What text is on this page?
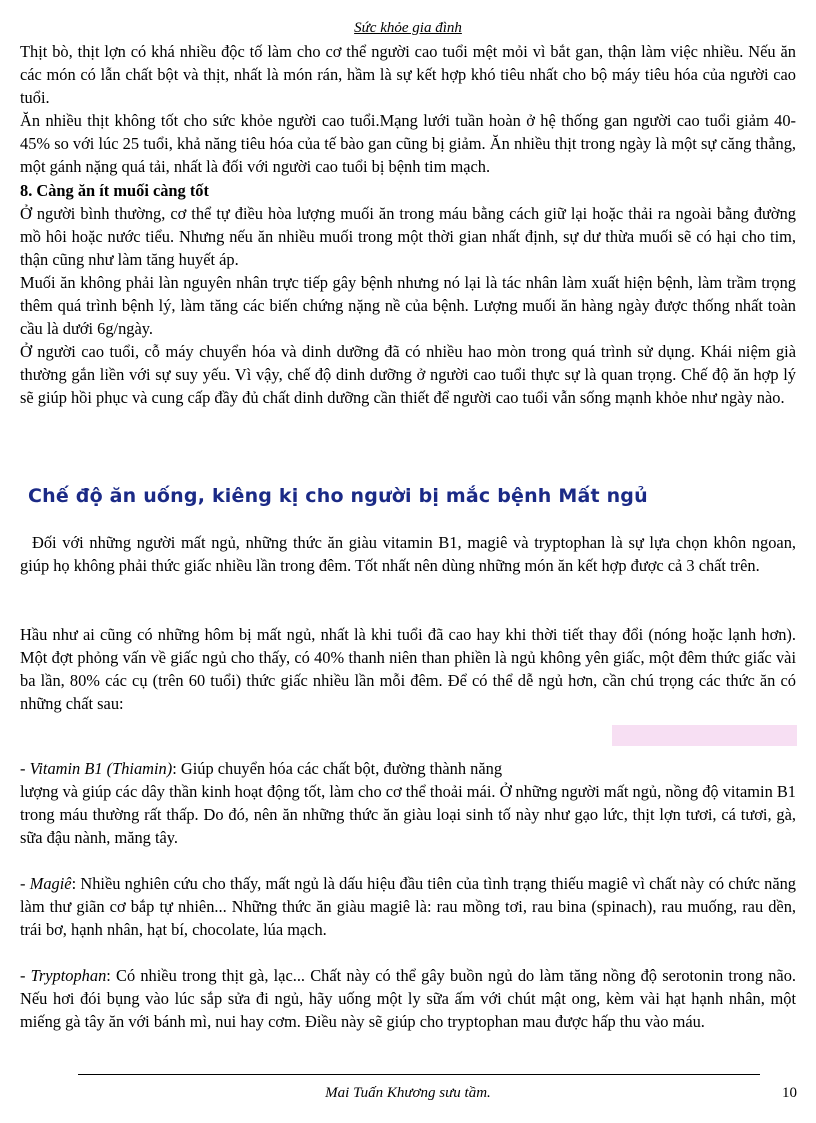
Sức khỏe gia đình

Thịt bò, thịt lợn có khá nhiều độc tố làm cho cơ thể người cao tuổi mệt mỏi vì bắt gan, thận làm việc nhiều. Nếu ăn các món có lẫn chất bột và thịt, nhất là món rán, hầm là sự kết hợp khó tiêu nhất cho bộ máy tiêu hóa của người cao tuổi.

Ăn nhiều thịt không tốt cho sức khỏe người cao tuổi.Mạng lưới tuần hoàn ở hệ thống gan người cao tuổi giảm 40-45% so với lúc 25 tuổi, khả năng tiêu hóa của tế bào gan cũng bị giảm. Ăn nhiều thịt trong ngày là một sự căng thẳng, một gánh nặng quá tải, nhất là đối với người cao tuổi bị bệnh tim mạch.

8. Càng ăn ít muối càng tốt

Ở người bình thường, cơ thể tự điều hòa lượng muối ăn trong máu bằng cách giữ lại hoặc thải ra ngoài bằng đường mồ hôi hoặc nước tiểu. Nhưng nếu ăn nhiều muối trong một thời gian nhất định, sự dư thừa muối sẽ có hại cho tim, thận cũng như làm tăng huyết áp.

Muối ăn không phải làn nguyên nhân trực tiếp gây bệnh nhưng nó lại là tác nhân làm xuất hiện bệnh, làm trầm trọng thêm quá trình bệnh lý, làm tăng các biến chứng nặng nề của bệnh. Lượng muối ăn hàng ngày được thống nhất toàn cầu là dưới 6g/ngày.

Ở người cao tuổi, cỗ máy chuyển hóa và dinh dưỡng đã có nhiều hao mòn trong quá trình sử dụng. Khái niệm già thường gắn liền với sự suy yếu. Vì vậy, chế độ dinh dưỡng ở người cao tuổi thực sự là quan trọng. Chế độ ăn hợp lý sẽ giúp hồi phục và cung cấp đầy đủ chất dinh dưỡng cần thiết để người cao tuổi vẫn sống mạnh khỏe như ngày nào.

Chế độ ăn uống, kiêng kị cho người bị mắc bệnh Mất ngủ

Đối với những người mất ngủ, những thức ăn giàu vitamin B1, magiê và tryptophan là sự lựa chọn khôn ngoan, giúp họ không phải thức giấc nhiều lần trong đêm. Tốt nhất nên dùng những món ăn kết hợp được cả 3 chất trên.

Hầu như ai cũng có những hôm bị mất ngủ, nhất là khi tuổi đã cao hay khi thời tiết thay đổi (nóng hoặc lạnh hơn). Một đợt phỏng vấn về giấc ngủ cho thấy, có 40% thanh niên than phiền là ngủ không yên giấc, một đêm thức giấc vài ba lần, 80% các cụ (trên 60 tuổi) thức giấc nhiều lần mỗi đêm. Để có thể dễ ngủ hơn, cần chú trọng các thức ăn có những chất sau:

- Vitamin B1 (Thiamin): Giúp chuyển hóa các chất bột, đường thành năng

lượng và giúp các dây thần kinh hoạt động tốt, làm cho cơ thể thoải mái. Ở những người mất ngủ, nồng độ vitamin B1 trong máu thường rất thấp. Do đó, nên ăn những thức ăn giàu loại sinh tố này như gạo lức, thịt lợn tươi, cá tươi, gà, sữa đậu nành, măng tây.

- Magiê: Nhiều nghiên cứu cho thấy, mất ngủ là dấu hiệu đầu tiên của tình trạng thiếu magiê vì chất này có chức năng làm thư giãn cơ bắp tự nhiên... Những thức ăn giàu magiê là: rau mồng tơi, rau bina (spinach), rau muống, rau dền, trái bơ, hạnh nhân, hạt bí, chocolate, lúa mạch.

- Tryptophan: Có nhiều trong thịt gà, lạc... Chất này có thể gây buồn ngủ do làm tăng nồng độ serotonin trong não. Nếu hơi đói bụng vào lúc sắp sửa đi ngủ, hãy uống một ly sữa ấm với chút mật ong, kèm vài hạt hạnh nhân, một miếng gà tây ăn với bánh mì, nui hay cơm. Điều này sẽ giúp cho tryptophan mau được hấp thu vào máu.

Mai Tuấn Khương sưu tầm.	10
